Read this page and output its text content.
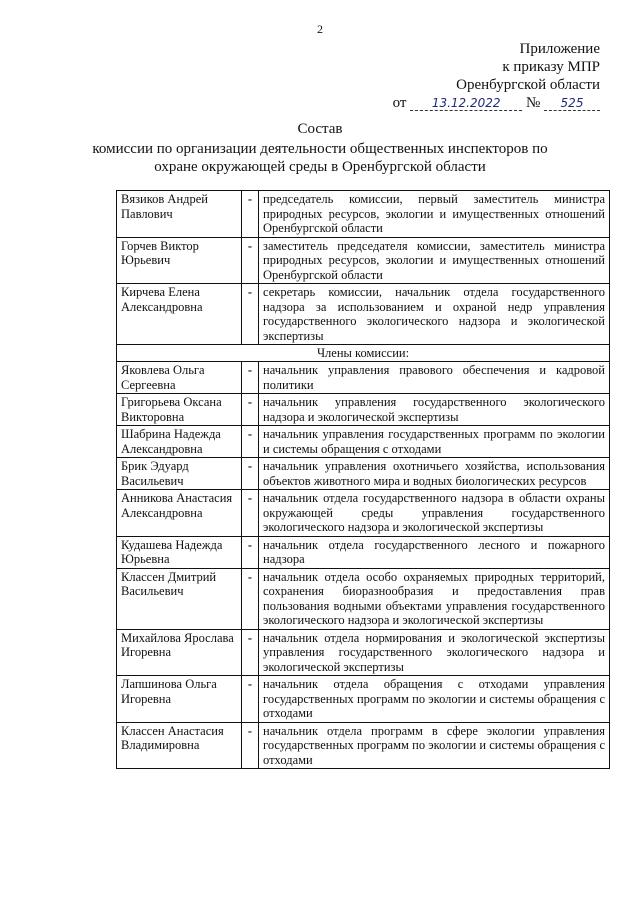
2
Приложение
к приказу МПР
Оренбургской области
от 13.12.2022 № 525
Состав
комиссии по организации деятельности общественных инспекторов по
охране окружающей среды в Оренбургской области
Вязиков Андрей Павлович	-	председатель комиссии, первый заместитель министра природных ресурсов, экологии и имущественных отношений Оренбургской области
Горчев Виктор Юрьевич	-	заместитель председателя комиссии, заместитель министра природных ресурсов, экологии и имущественных отношений Оренбургской области
Кирчева Елена Александровна	-	секретарь комиссии, начальник отдела государственного надзора за использованием и охраной недр управления государственного экологического надзора и экологической экспертизы
Члены комиссии:		
Яковлева Ольга Сергеевна	-	начальник управления правового обеспечения и кадровой политики
Григорьева Оксана Викторовна	-	начальник управления государственного экологического надзора и экологической экспертизы
Шабрина Надежда Александровна	-	начальник управления государственных программ по экологии и системы обращения с отходами
Брик Эдуард Васильевич	-	начальник управления охотничьего хозяйства, использования объектов животного мира и водных биологических ресурсов
Анникова Анастасия Александровна	-	начальник отдела государственного надзора в области охраны окружающей среды управления государственного экологического надзора и экологической экспертизы
Кудашева Надежда Юрьевна	-	начальник отдела государственного лесного и пожарного надзора
Классен Дмитрий Васильевич	-	начальник отдела особо охраняемых природных территорий, сохранения биоразнообразия и предоставления прав пользования водными объектами управления государственного экологического надзора и экологической экспертизы
Михайлова Ярослава Игоревна	-	начальник отдела нормирования и экологической экспертизы управления государственного экологического надзора и экологической экспертизы
Лапшинова Ольга Игоревна	-	начальник отдела обращения с отходами управления государственных программ по экологии и системы обращения с отходами
Классен Анастасия Владимировна	-	начальник отдела программ в сфере экологии управления государственных программ по экологии и системы обращения с отходами
